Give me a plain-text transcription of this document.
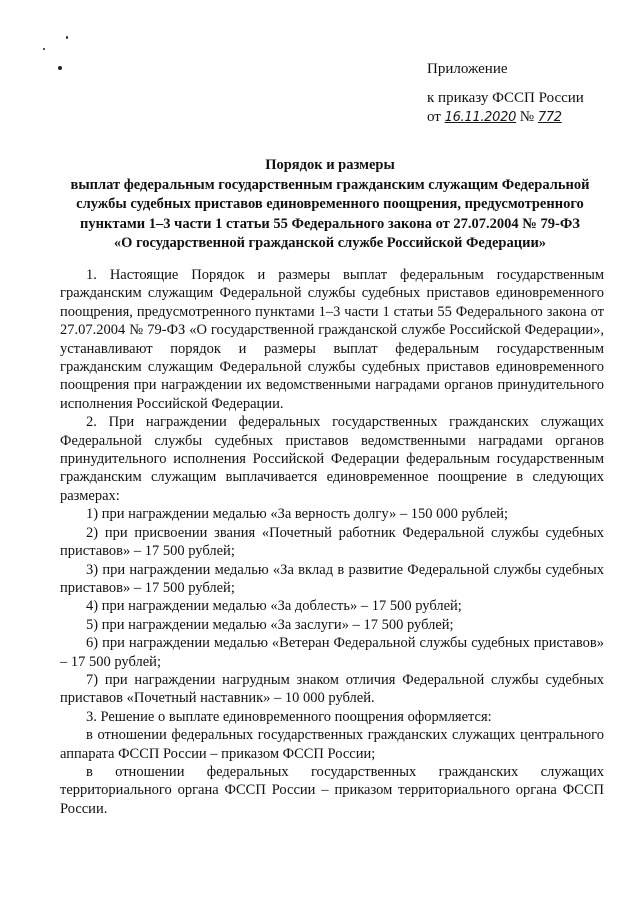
Приложение
к приказу ФССП России
от 16.11.2020 № 772
Порядок и размеры
выплат федеральным государственным гражданским служащим Федеральной
службы судебных приставов единовременного поощрения, предусмотренного
пунктами 1–3 части 1 статьи 55 Федерального закона от 27.07.2004 № 79-ФЗ
«О государственной гражданской службе Российской Федерации»

1. Настоящие Порядок и размеры выплат федеральным государственным гражданским служащим Федеральной службы судебных приставов единовременного поощрения, предусмотренного пунктами 1–3 части 1 статьи 55 Федерального закона от 27.07.2004 № 79-ФЗ «О государственной гражданской службе Российской Федерации», устанавливают порядок и размеры выплат федеральным государственным гражданским служащим Федеральной службы судебных приставов единовременного поощрения при награждении их ведомственными наградами органов принудительного исполнения Российской Федерации.

2. При награждении федеральных государственных гражданских служащих Федеральной службы судебных приставов ведомственными наградами органов принудительного исполнения Российской Федерации федеральным государственным гражданским служащим выплачивается единовременное поощрение в следующих размерах:

1) при награждении медалью «За верность долгу» – 150 000 рублей;

2) при присвоении звания «Почетный работник Федеральной службы судебных приставов» – 17 500 рублей;

3) при награждении медалью «За вклад в развитие Федеральной службы судебных приставов» – 17 500 рублей;

4) при награждении медалью «За доблесть» – 17 500 рублей;

5) при награждении медалью «За заслуги» – 17 500 рублей;

6) при награждении медалью «Ветеран Федеральной службы судебных приставов» – 17 500 рублей;

7) при награждении нагрудным знаком отличия Федеральной службы судебных приставов «Почетный наставник» – 10 000 рублей.

3. Решение о выплате единовременного поощрения оформляется:

в отношении федеральных государственных гражданских служащих центрального аппарата ФССП России – приказом ФССП России;

в отношении федеральных государственных гражданских служащих территориального органа ФССП России – приказом территориального органа ФССП России.
